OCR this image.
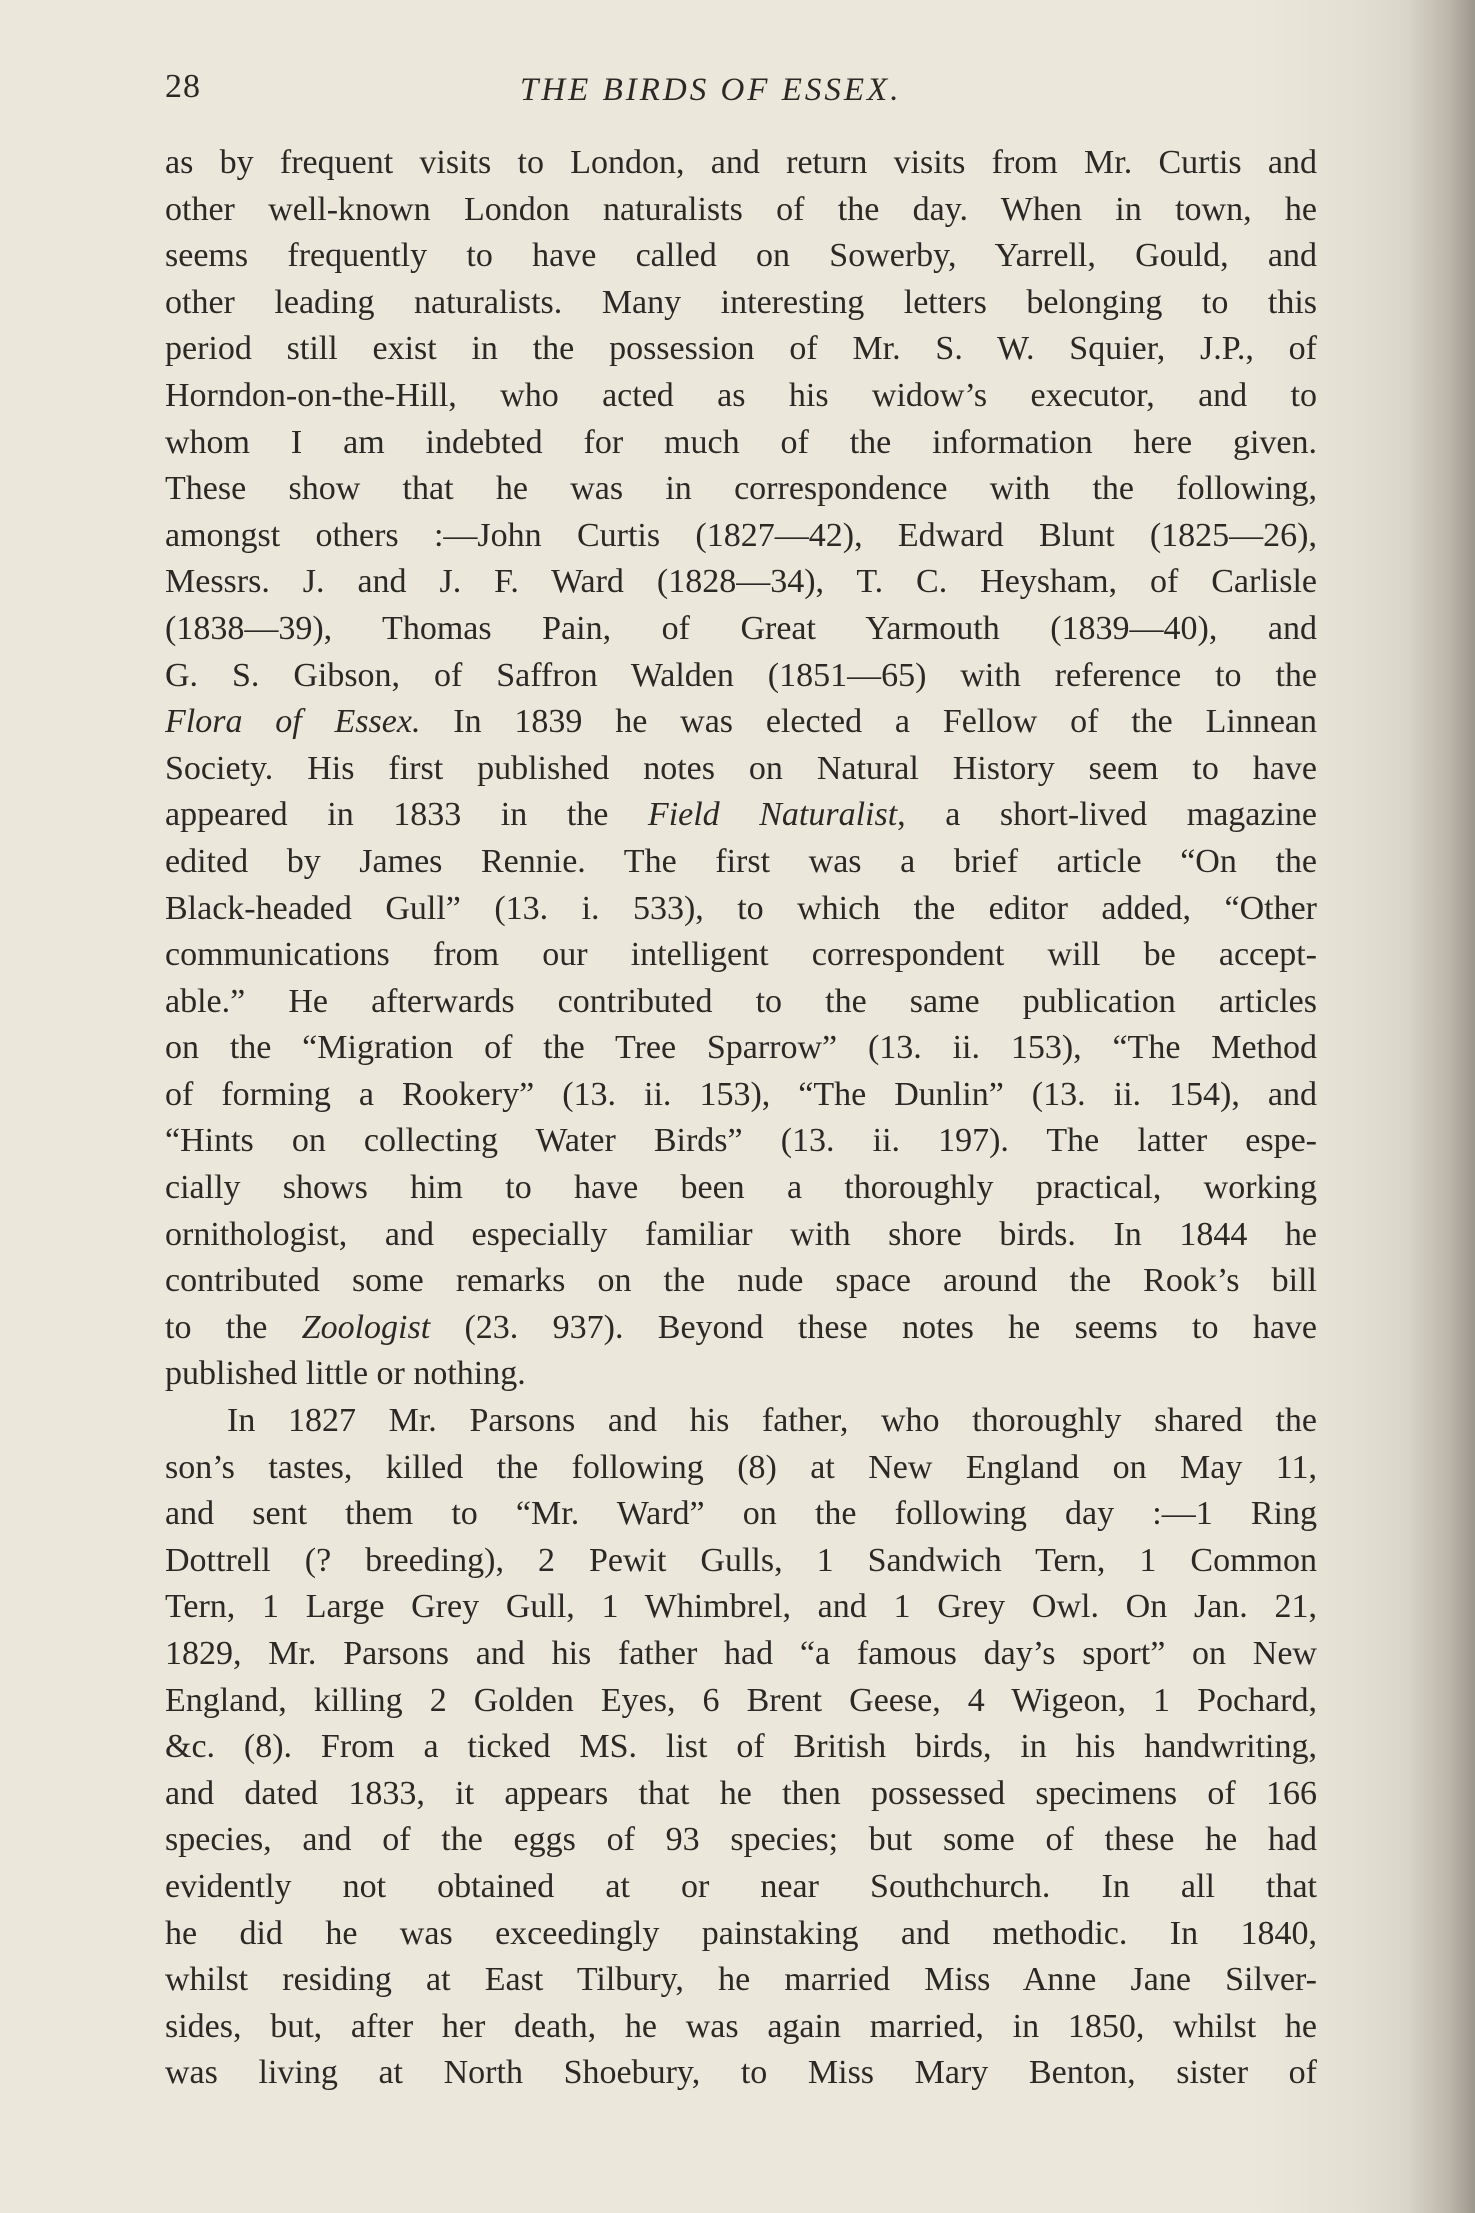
28	THE BIRDS OF ESSEX.
as by frequent visits to London, and return visits from Mr. Curtis and
other well-known London naturalists of the day. When in town, he
seems frequently to have called on Sowerby, Yarrell, Gould, and
other leading naturalists. Many interesting letters belonging to this
period still exist in the possession of Mr. S. W. Squier, J.P., of
Horndon-on-the-Hill, who acted as his widow’s executor, and to
whom I am indebted for much of the information here given.
These show that he was in correspondence with the following,
amongst others :—John Curtis (1827—42), Edward Blunt (1825—26),
Messrs. J. and J. F. Ward (1828—34), T. C. Heysham, of Carlisle
(1838—39), Thomas Pain, of Great Yarmouth (1839—40), and
G. S. Gibson, of Saffron Walden (1851—65) with reference to the
Flora of Essex. In 1839 he was elected a Fellow of the Linnean
Society. His first published notes on Natural History seem to have
appeared in 1833 in the Field Naturalist, a short-lived magazine
edited by James Rennie. The first was a brief article “On the
Black-headed Gull” (13. i. 533), to which the editor added, “Other
communications from our intelligent correspondent will be accept-
able.” He afterwards contributed to the same publication articles
on the “Migration of the Tree Sparrow” (13. ii. 153), “The Method
of forming a Rookery” (13. ii. 153), “The Dunlin” (13. ii. 154), and
“Hints on collecting Water Birds” (13. ii. 197). The latter espe-
cially shows him to have been a thoroughly practical, working
ornithologist, and especially familiar with shore birds. In 1844 he
contributed some remarks on the nude space around the Rook’s bill
to the Zoologist (23. 937). Beyond these notes he seems to have
published little or nothing.
In 1827 Mr. Parsons and his father, who thoroughly shared the
son’s tastes, killed the following (8) at New England on May 11,
and sent them to “Mr. Ward” on the following day :—1 Ring
Dottrell (? breeding), 2 Pewit Gulls, 1 Sandwich Tern, 1 Common
Tern, 1 Large Grey Gull, 1 Whimbrel, and 1 Grey Owl. On Jan. 21,
1829, Mr. Parsons and his father had “a famous day’s sport” on New
England, killing 2 Golden Eyes, 6 Brent Geese, 4 Wigeon, 1 Pochard,
&c. (8). From a ticked MS. list of British birds, in his handwriting,
and dated 1833, it appears that he then possessed specimens of 166
species, and of the eggs of 93 species; but some of these he had
evidently not obtained at or near Southchurch. In all that
he did he was exceedingly painstaking and methodic. In 1840,
whilst residing at East Tilbury, he married Miss Anne Jane Silver-
sides, but, after her death, he was again married, in 1850, whilst he
was living at North Shoebury, to Miss Mary Benton, sister of
